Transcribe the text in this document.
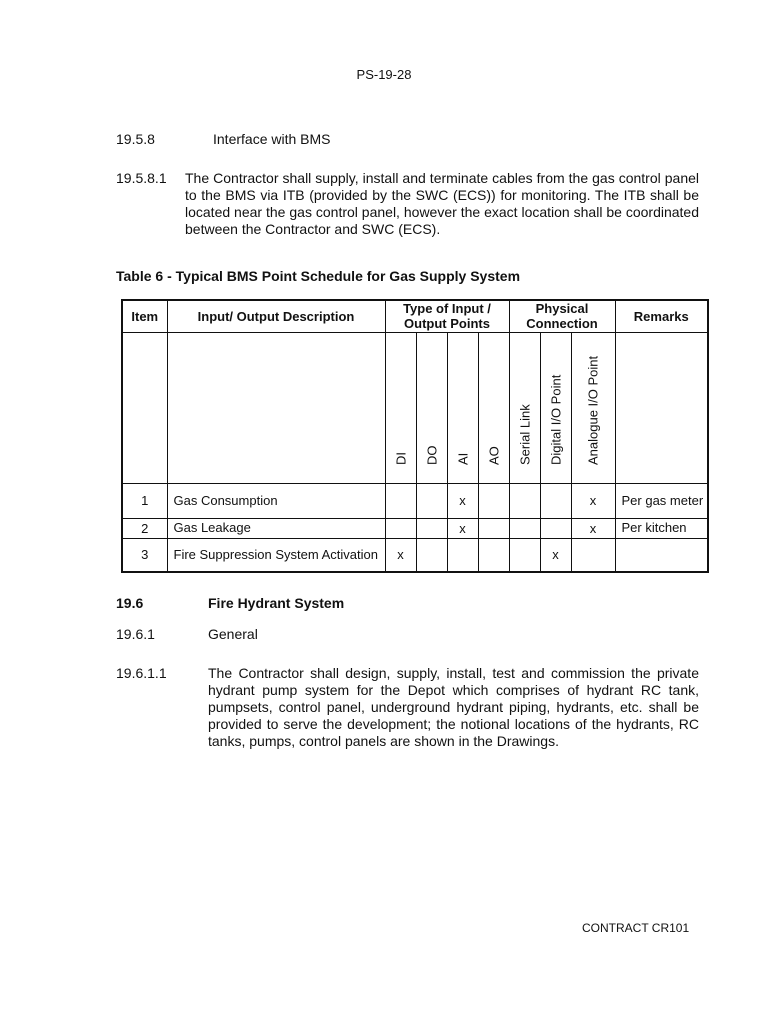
PS-19-28
19.5.8	Interface with BMS
19.5.8.1 The Contractor shall supply, install and terminate cables from the gas control panel to the BMS via ITB (provided by the SWC (ECS)) for monitoring. The ITB shall be located near the gas control panel, however the exact location shall be coordinated between the Contractor and SWC (ECS).
Table 6 - Typical BMS Point Schedule for Gas Supply System
Item	Input/ Output Description	Type of Input / Output Points				Physical Connection			Remarks

		DI	DO	AI	AO	Serial Link	Digital I/O Point	Analogue I/O Point	

1	Gas Consumption			x				x	Per gas meter
2	Gas Leakage			x				x	Per kitchen
3	Fire Suppression System Activation	x					x		
19.6	Fire Hydrant System
19.6.1	General
19.6.1.1	The Contractor shall design, supply, install, test and commission the private hydrant pump system for the Depot which comprises of hydrant RC tank, pumpsets, control panel, underground hydrant piping, hydrants, etc. shall be provided to serve the development; the notional locations of the hydrants, RC tanks, pumps, control panels are shown in the Drawings.
CONTRACT CR101
